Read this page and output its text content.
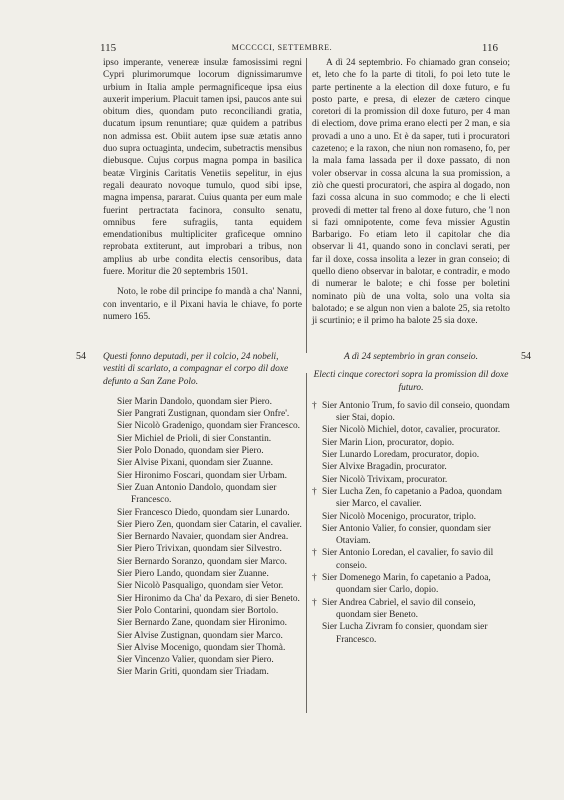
115	MCCCCCI, SETTEMBRE.	116

ipso imperante, venereæ insulæ famosissimi regni Cypri plurimorumque locorum dignissimarumve urbium in Italia ample permagnificeque ipsa eius auxerit imperium. Placuit tamen ipsi, paucos ante sui obitum dies, quondam puto reconciliandi gratia, ducatum ipsum renuntiare; quæ quidem a patribus non admissa est. Obiit autem ipse suæ ætatis anno duo supra octuaginta, undecim, subetractis mensibus diebusque. Cujus corpus magna pompa in basilica beatæ Virginis Caritatis Venetiis sepelitur, in ejus regali deaurato novoque tumulo, quod sibi ipse, magna impensa, pararat. Cuius quanta per eum male fuerint pertractata facinora, consulto senatu, omnibus fere sufragiis, tanta equidem emendationibus multipliciter graficeque omnino reprobata extiterunt, aut improbari a tribus, non amplius ab urbe condita electis censoribus, data fuere. Moritur die 20 septembris 1501.

Noto, le robe dil principe fo mandà a cha' Nanni, con inventario, e il Pixani havia le chiave, fo porte numero 165.

A dì 24 septembrio. Fo chiamado gran conseio; et, leto che fo la parte di titoli, fo poi leto tute le parte pertinente a la election dil doxe futuro, e fu posto parte, e presa, di elezer de cætero cinque coretori di la promission dil doxe futuro, per 4 man di electiom, dove prima erano electi per 2 man, e sia provadi a uno a uno. Et è da saper, tuti i procuratori cazeteno; e la raxon, che niun non romaseno, fo, per la mala fama lassada per il doxe passato, di non voler observar in cossa alcuna la sua promission, a ziò che questi procuratori, che aspira al dogado, non fazi cossa alcuna in suo commodo; e che li electi provedi di metter tal freno al doxe futuro, che 'l non si fazi omnipotente, come feva missier Agustin Barbarigo. Fo etiam leto il capitolar che dia observar li 41, quando sono in conclavi serati, per far il doxe, cossa insolita a lezer in gran conseio; di quello dieno observar in balotar, e contradir, e modo di numerar le balote; e chi fosse per boletini nominato più de una volta, solo una volta sia balotado; e se algun non vien a balote 25, sia retolto ji scurtinio; e il primo ha balote 25 sia doxe.

54	54

Questi fonno deputadi, per il colcio, 24 nobeli, vestiti di scarlato, a compagnar el corpo dil doxe defunto a San Zane Polo.

Sier Marin Dandolo, quondam sier Piero.
Sier Pangrati Zustignan, quondam sier Onfre'.
Sier Nicolò Gradenigo, quondam sier Francesco.
Sier Michiel de Prioli, di sier Constantin.
Sier Polo Donado, quondam sier Piero.
Sier Alvise Pixani, quondam sier Zuanne.
Sier Hironimo Foscari, quondam sier Urbam.
Sier Zuan Antonio Dandolo, quondam sier Francesco.
Sier Francesco Diedo, quondam sier Lunardo.
Sier Piero Zen, quondam sier Catarin, el cavalier.
Sier Bernardo Navaier, quondam sier Andrea.
Sier Piero Trivixan, quondam sier Silvestro.
Sier Bernardo Soranzo, quondam sier Marco.
Sier Piero Lando, quondam sier Zuanne.
Sier Nicolò Pasqualigo, quondam sier Vetor.
Sier Hironimo da Cha' da Pexaro, di sier Beneto.
Sier Polo Contarini, quondam sier Bortolo.
Sier Bernardo Zane, quondam sier Hironimo.
Sier Alvise Zustignan, quondam sier Marco.
Sier Alvise Mocenigo, quondam sier Thomà.
Sier Vincenzo Valier, quondam sier Piero.
Sier Marin Griti, quondam sier Triadam.

A dì 24 septembrio in gran conseio.

Electi cinque corectori sopra la promission dil doxe futuro.

† Sier Antonio Trum, fo savio dil conseio, quondam sier Stai, dopio.
Sier Nicolò Michiel, dotor, cavalier, procurator.
Sier Marin Lion, procurator, dopio.
Sier Lunardo Loredam, procurator, dopio.
Sier Alvixe Bragadin, procurator.
Sier Nicolò Trivixam, procurator.
† Sier Lucha Zen, fo capetanio a Padoa, quondam sier Marco, el cavalier.
Sier Nicolò Mocenigo, procurator, triplo.
Sier Antonio Valier, fo consier, quondam sier Otaviam.
† Sier Antonio Loredan, el cavalier, fo savio dil conseio.
† Sier Domenego Marin, fo capetanio a Padoa, quondam sier Carlo, dopio.
† Sier Andrea Cabriel, el savio dil conseio, quondam sier Beneto.
Sier Lucha Zivram fo consier, quondam sier Francesco.
